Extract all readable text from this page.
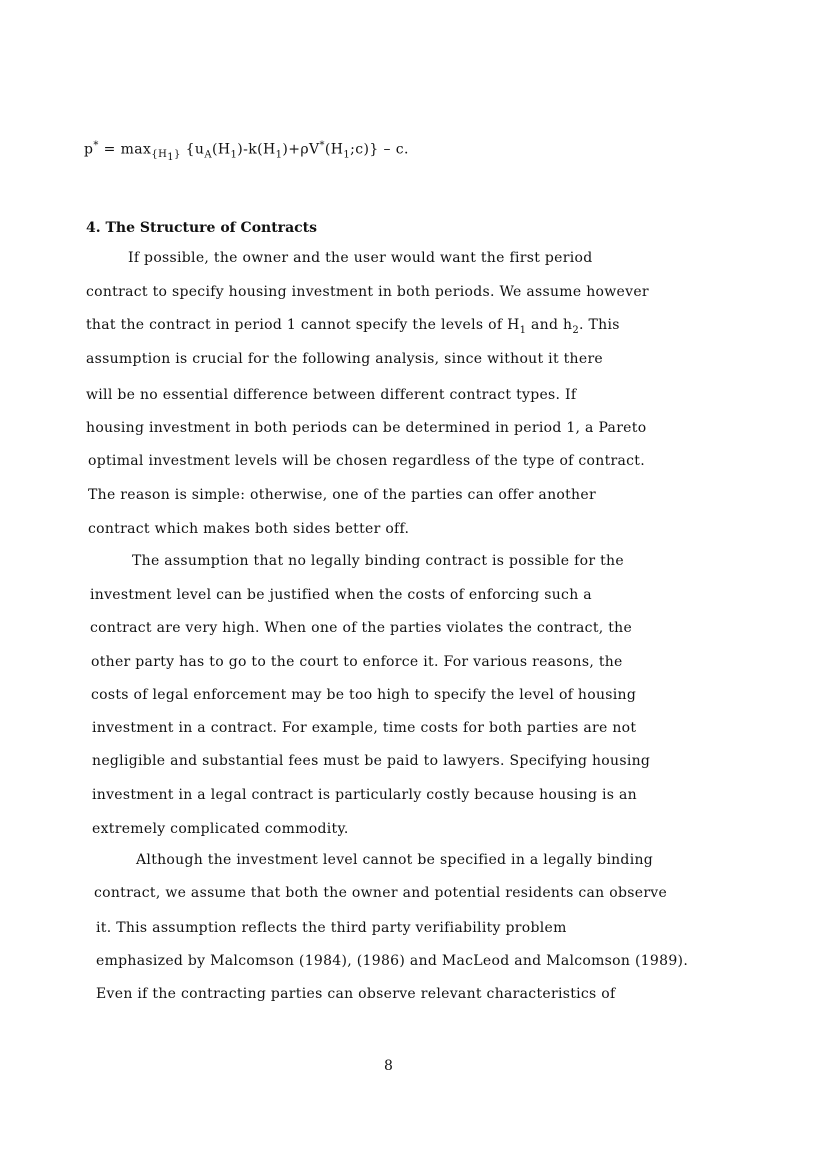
$p^* = \max_{\{H_1\}}$ $\{u_A(H_1)-k(H_1)+\rho V^*(H_1;c)\} - c$.
4. The Structure of Contracts
If possible, the owner and the user would want the first period
contract to specify housing investment in both periods. We assume however
that the contract in period 1 cannot specify the levels of $H_1$ and $h_2$. This
assumption is crucial for the following analysis, since without it there
will be no essential difference between different contract types. If
housing investment in both periods can be determined in period 1, a Pareto
optimal investment levels will be chosen regardless of the type of contract.
The reason is simple: otherwise, one of the parties can offer another
contract which makes both sides better off.
The assumption that no legally binding contract is possible for the
investment level can be justified when the costs of enforcing such a
contract are very high. When one of the parties violates the contract, the
other party has to go to the court to enforce it. For various reasons, the
costs of legal enforcement may be too high to specify the level of housing
investment in a contract. For example, time costs for both parties are not
negligible and substantial fees must be paid to lawyers. Specifying housing
investment in a legal contract is particularly costly because housing is an
extremely complicated commodity.
Although the investment level cannot be specified in a legally binding
contract, we assume that both the owner and potential residents can observe
it. This assumption reflects the third party verifiability problem
emphasized by Malcomson (1984), (1986) and MacLeod and Malcomson (1989).
Even if the contracting parties can observe relevant characteristics of
8
